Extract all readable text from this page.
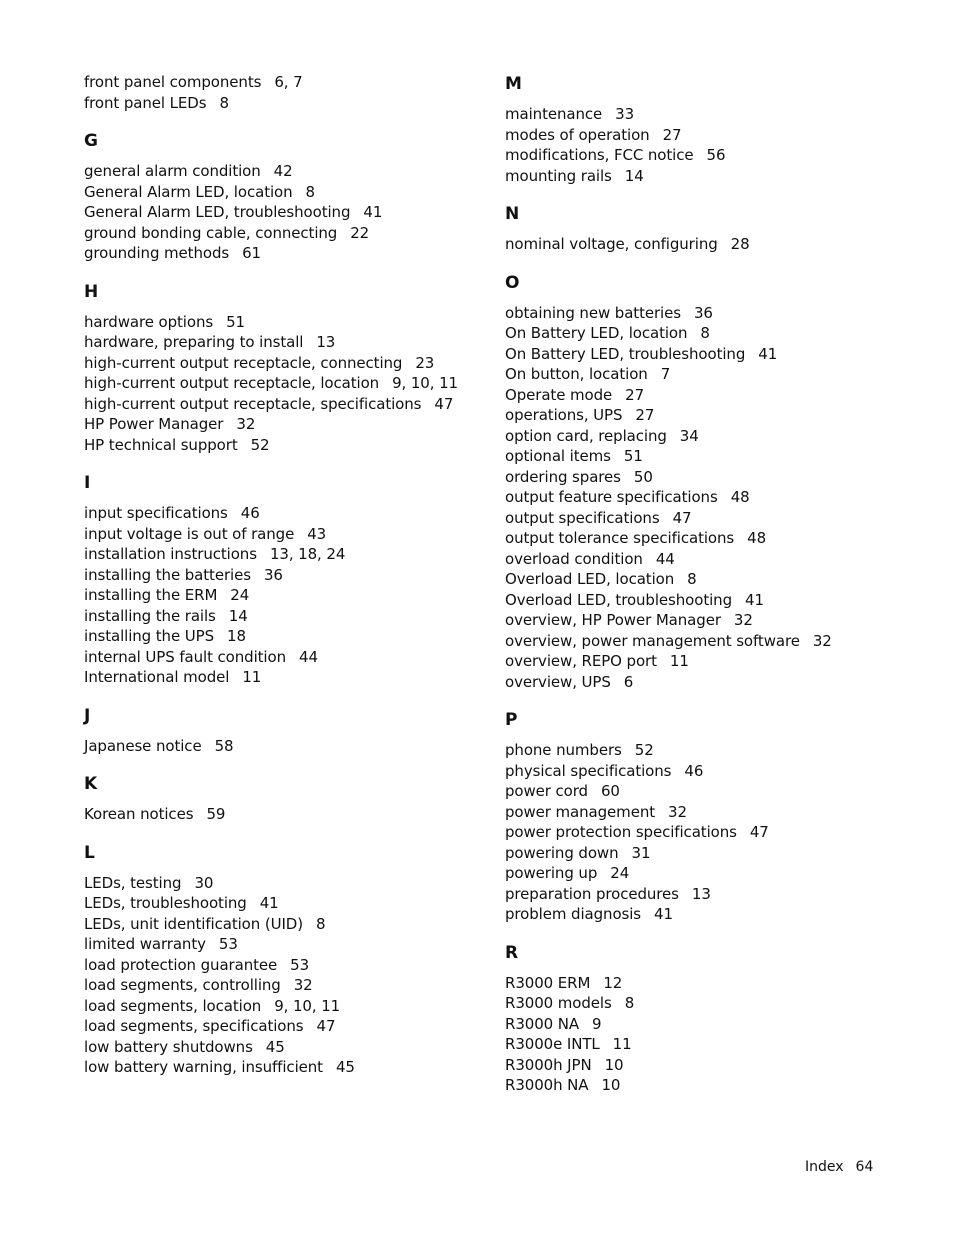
front panel components 6, 7
front panel LEDs 8
G
general alarm condition 42
General Alarm LED, location 8
General Alarm LED, troubleshooting 41
ground bonding cable, connecting 22
grounding methods 61
H
hardware options 51
hardware, preparing to install 13
high-current output receptacle, connecting 23
high-current output receptacle, location 9, 10, 11
high-current output receptacle, specifications 47
HP Power Manager 32
HP technical support 52
I
input specifications 46
input voltage is out of range 43
installation instructions 13, 18, 24
installing the batteries 36
installing the ERM 24
installing the rails 14
installing the UPS 18
internal UPS fault condition 44
International model 11
J
Japanese notice 58
K
Korean notices 59
L
LEDs, testing 30
LEDs, troubleshooting 41
LEDs, unit identification (UID) 8
limited warranty 53
load protection guarantee 53
load segments, controlling 32
load segments, location 9, 10, 11
load segments, specifications 47
low battery shutdowns 45
low battery warning, insufficient 45
M
maintenance 33
modes of operation 27
modifications, FCC notice 56
mounting rails 14
N
nominal voltage, configuring 28
O
obtaining new batteries 36
On Battery LED, location 8
On Battery LED, troubleshooting 41
On button, location 7
Operate mode 27
operations, UPS 27
option card, replacing 34
optional items 51
ordering spares 50
output feature specifications 48
output specifications 47
output tolerance specifications 48
overload condition 44
Overload LED, location 8
Overload LED, troubleshooting 41
overview, HP Power Manager 32
overview, power management software 32
overview, REPO port 11
overview, UPS 6
P
phone numbers 52
physical specifications 46
power cord 60
power management 32
power protection specifications 47
powering down 31
powering up 24
preparation procedures 13
problem diagnosis 41
R
R3000 ERM 12
R3000 models 8
R3000 NA 9
R3000e INTL 11
R3000h JPN 10
R3000h NA 10
Index 64
